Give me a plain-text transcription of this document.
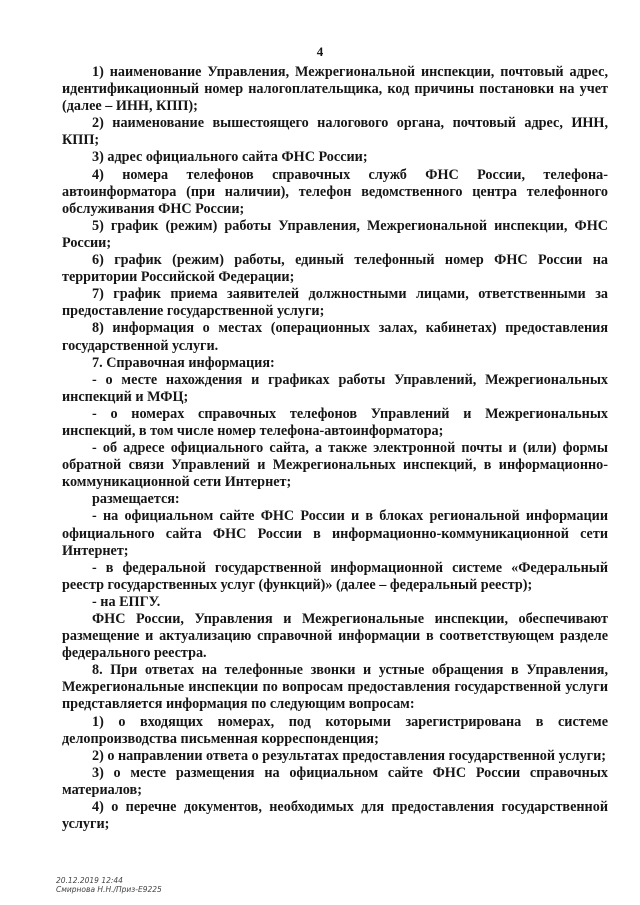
4

1) наименование Управления, Межрегиональной инспекции, почтовый адрес, идентификационный номер налогоплательщика, код причины постановки на учет (далее – ИНН, КПП);

2) наименование вышестоящего налогового органа, почтовый адрес, ИНН, КПП;

3) адрес официального сайта ФНС России;

4) номера телефонов справочных служб ФНС России, телефона-автоинформатора (при наличии), телефон ведомственного центра телефонного обслуживания ФНС России;

5) график (режим) работы Управления, Межрегиональной инспекции, ФНС России;

6) график (режим) работы, единый телефонный номер ФНС России на территории Российской Федерации;

7) график приема заявителей должностными лицами, ответственными за предоставление государственной услуги;

8) информация о местах (операционных залах, кабинетах) предоставления государственной услуги.

7. Справочная информация:

- о месте нахождения и графиках работы Управлений, Межрегиональных инспекций и МФЦ;

- о номерах справочных телефонов Управлений и Межрегиональных инспекций, в том числе номер телефона-автоинформатора;

- об адресе официального сайта, а также электронной почты и (или) формы обратной связи Управлений и Межрегиональных инспекций, в информационно-коммуникационной сети Интернет;

размещается:

- на официальном сайте ФНС России и в блоках региональной информации официального сайта ФНС России в информационно-коммуникационной сети Интернет;

- в федеральной государственной информационной системе «Федеральный реестр государственных услуг (функций)» (далее – федеральный реестр);

- на ЕПГУ.

ФНС России, Управления и Межрегиональные инспекции, обеспечивают размещение и актуализацию справочной информации в соответствующем разделе федерального реестра.

8. При ответах на телефонные звонки и устные обращения в Управления, Межрегиональные инспекции по вопросам предоставления государственной услуги представляется информация по следующим вопросам:

1) о входящих номерах, под которыми зарегистрирована в системе делопроизводства письменная корреспонденция;

2) о направлении ответа о результатах предоставления государственной услуги;

3) о месте размещения на официальном сайте ФНС России справочных материалов;

4) о перечне документов, необходимых для предоставления государственной услуги;

20.12.2019 12:44
Смирнова Н.Н./Приз-Е9225
